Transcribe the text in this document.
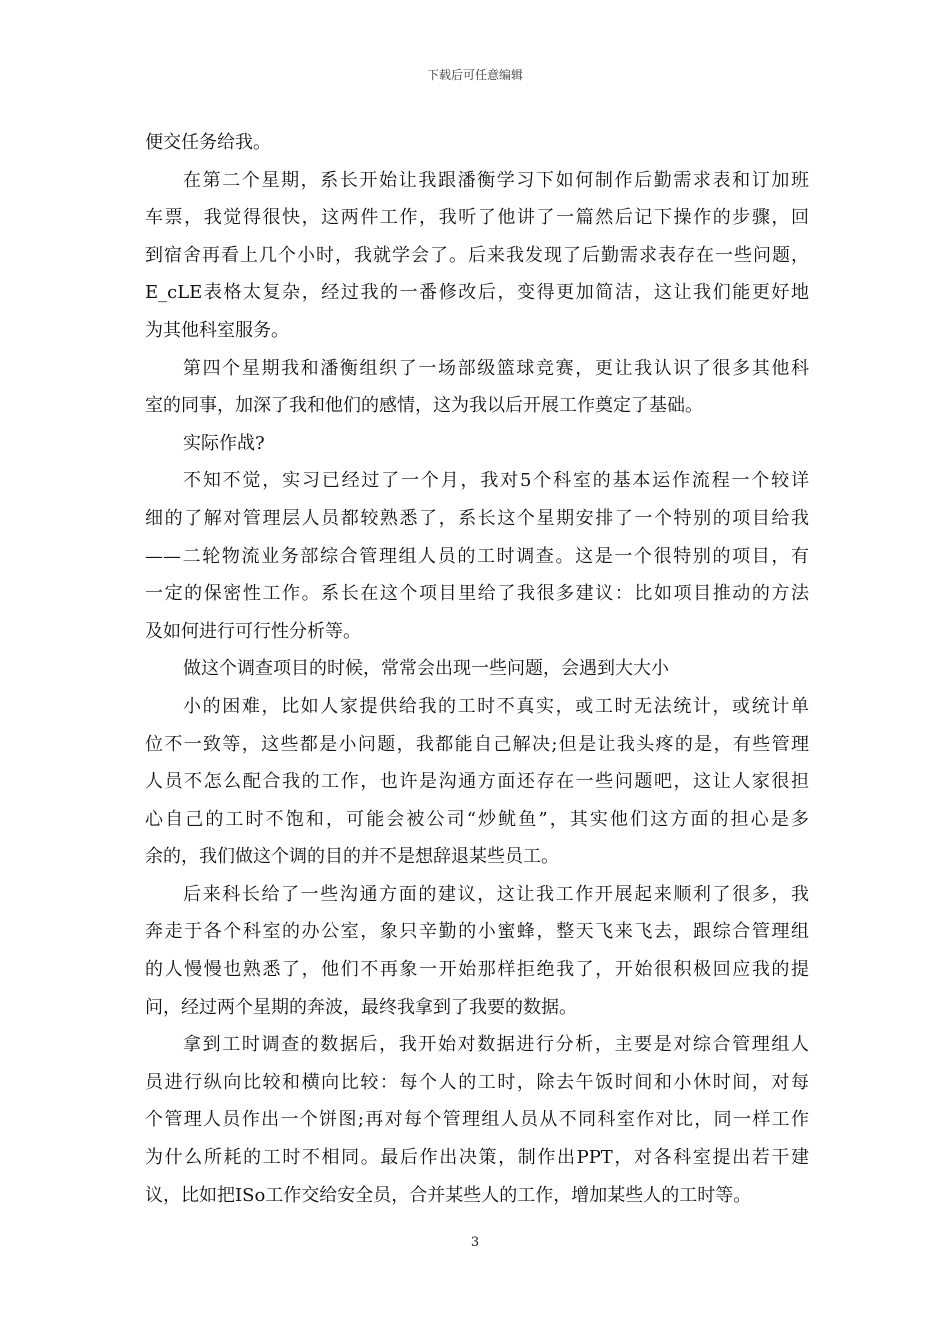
下载后可任意编辑
便交任务给我。
在第二个星期，系长开始让我跟潘衡学习下如何制作后勤需求表和订加班
车票，我觉得很快，这两件工作，我听了他讲了一篇然后记下操作的步骤，回
到宿舍再看上几个小时，我就学会了。后来我发现了后勤需求表存在一些问题，
E_cLE表格太复杂，经过我的一番修改后，变得更加简洁，这让我们能更好地
为其他科室服务。
第四个星期我和潘衡组织了一场部级篮球竞赛，更让我认识了很多其他科
室的同事，加深了我和他们的感情，这为我以后开展工作奠定了基础。
实际作战?
不知不觉，实习已经过了一个月，我对5个科室的基本运作流程一个较详
细的了解对管理层人员都较熟悉了，系长这个星期安排了一个特别的项目给我
——二轮物流业务部综合管理组人员的工时调查。这是一个很特别的项目，有
一定的保密性工作。系长在这个项目里给了我很多建议：比如项目推动的方法
及如何进行可行性分析等。
做这个调查项目的时候，常常会出现一些问题，会遇到大大小
小的困难，比如人家提供给我的工时不真实，或工时无法统计，或统计单
位不一致等，这些都是小问题，我都能自己解决;但是让我头疼的是，有些管理
人员不怎么配合我的工作，也许是沟通方面还存在一些问题吧，这让人家很担
心自己的工时不饱和，可能会被公司“炒鱿鱼”，其实他们这方面的担心是多
余的，我们做这个调的目的并不是想辞退某些员工。
后来科长给了一些沟通方面的建议，这让我工作开展起来顺利了很多，我
奔走于各个科室的办公室，象只辛勤的小蜜蜂，整天飞来飞去，跟综合管理组
的人慢慢也熟悉了，他们不再象一开始那样拒绝我了，开始很积极回应我的提
问，经过两个星期的奔波，最终我拿到了我要的数据。
拿到工时调查的数据后，我开始对数据进行分析，主要是对综合管理组人
员进行纵向比较和横向比较：每个人的工时，除去午饭时间和小休时间，对每
个管理人员作出一个饼图;再对每个管理组人员从不同科室作对比，同一样工作
为什么所耗的工时不相同。最后作出决策，制作出PPT，对各科室提出若干建
议，比如把ISo工作交给安全员，合并某些人的工作，增加某些人的工时等。
3
